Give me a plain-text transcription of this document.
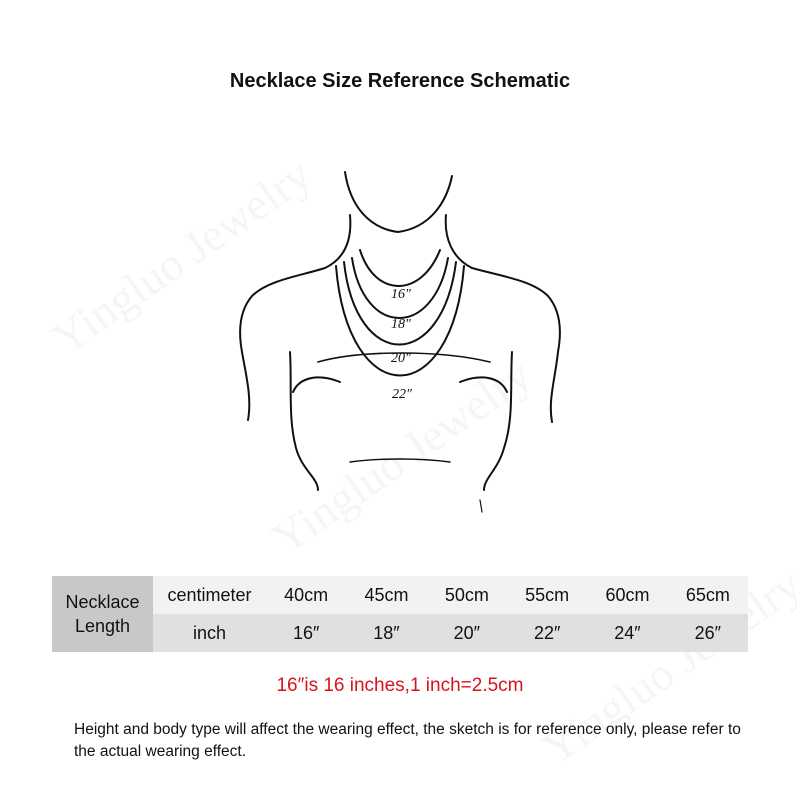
Necklace Size Reference Schematic
16"
18"
20"
22"
Necklace Length	centimeter	40cm	45cm	50cm	55cm	60cm	65cm
	inch	16″	18″	20″	22″	24″	26″
16″is 16 inches,1 inch=2.5cm
Height and body type will affect the wearing effect, the sketch is for reference only, please refer to the actual wearing effect.
